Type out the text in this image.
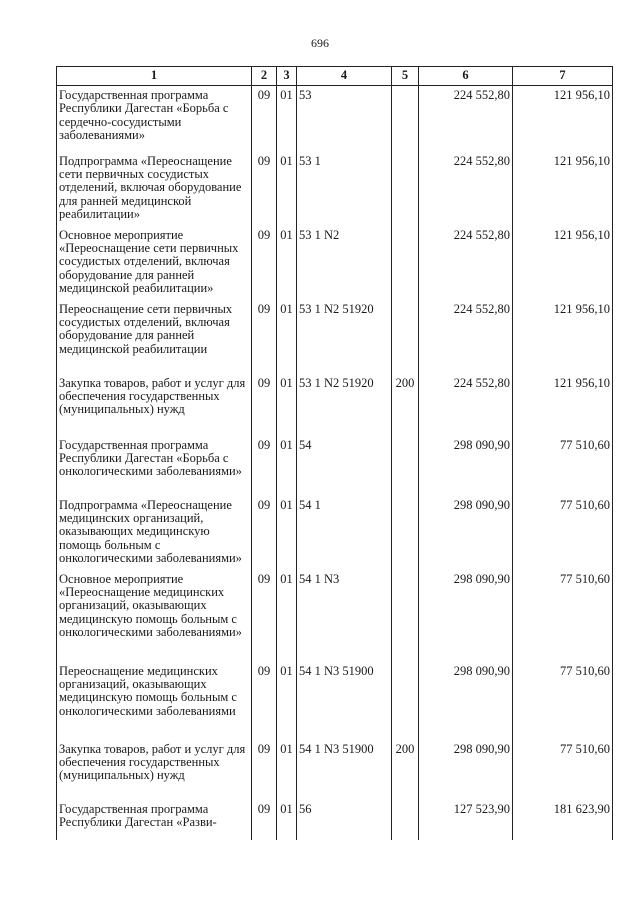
696
1	2	3	4	5	6	7
Государственная программа Республики Дагестан «Борьба с сердечно-сосудистыми заболеваниями»	09	01	53		224 552,80	121 956,10
Подпрограмма «Переоснащение сети первичных сосудистых отделений, включая оборудование для ранней медицинской реабилитации»	09	01	53 1		224 552,80	121 956,10
Основное мероприятие «Переоснащение сети первичных сосудистых отделений, включая оборудование для ранней медицинской реабилитации»	09	01	53 1 N2		224 552,80	121 956,10
Переоснащение сети первичных сосудистых отделений, включая оборудование для ранней медицинской реабилитации	09	01	53 1 N2 51920		224 552,80	121 956,10
Закупка товаров, работ и услуг для обеспечения государственных (муниципальных) нужд	09	01	53 1 N2 51920	200	224 552,80	121 956,10
Государственная программа Республики Дагестан «Борьба с онкологическими заболеваниями»	09	01	54		298 090,90	77 510,60
Подпрограмма «Переоснащение медицинских организаций, оказывающих медицинскую помощь больным с онкологическими заболеваниями»	09	01	54 1		298 090,90	77 510,60
Основное мероприятие «Переоснащение медицинских организаций, оказывающих медицинскую помощь больным с онкологическими заболеваниями»	09	01	54 1 N3		298 090,90	77 510,60
Переоснащение медицинских организаций, оказывающих медицинскую помощь больным с онкологическими заболеваниями	09	01	54 1 N3 51900		298 090,90	77 510,60
Закупка товаров, работ и услуг для обеспечения государственных (муниципальных) нужд	09	01	54 1 N3 51900	200	298 090,90	77 510,60
Государственная программа Республики Дагестан «Разви-	09	01	56		127 523,90	181 623,90
